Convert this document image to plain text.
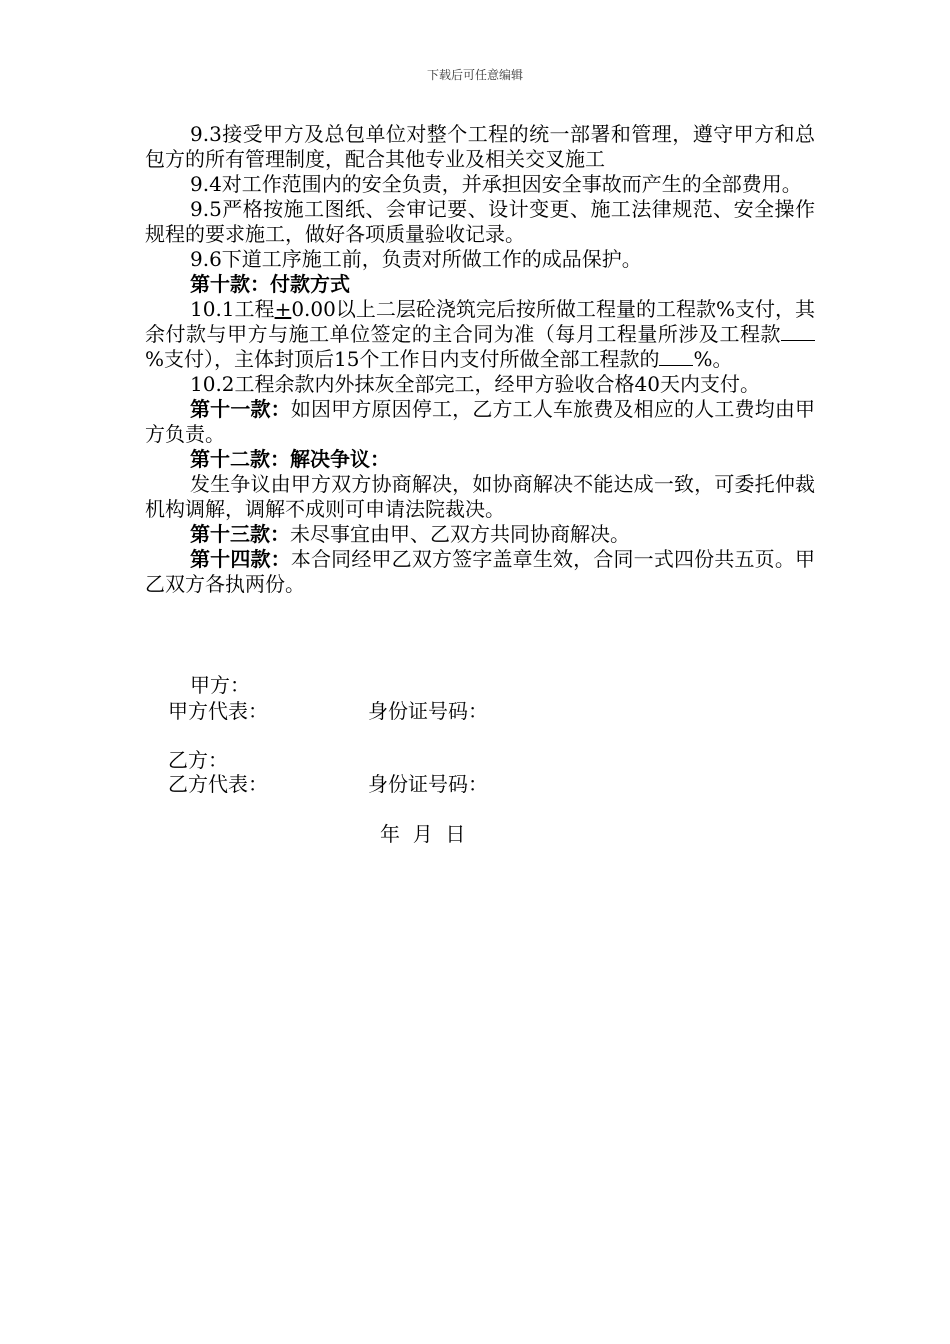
下载后可任意编辑

9.3接受甲方及总包单位对整个工程的统一部署和管理，遵守甲方和总包方的所有管理制度，配合其他专业及相关交叉施工

9.4对工作范围内的安全负责，并承担因安全事故而产生的全部费用。

9.5严格按施工图纸、会审记要、设计变更、施工法律规范、安全操作规程的要求施工，做好各项质量验收记录。

9.6下道工序施工前，负责对所做工作的成品保护。

第十款：付款方式

10.1工程+0.00以上二层砼浇筑完后按所做工程量的工程款%支付，其余付款与甲方与施工单位签定的主合同为准（每月工程量所涉及工程款%支付），主体封顶后15个工作日内支付所做全部工程款的 %。

10.2工程余款内外抹灰全部完工，经甲方验收合格40天内支付。

第十一款：如因甲方原因停工，乙方工人车旅费及相应的人工费均由甲方负责。

第十二款：解决争议：

发生争议由甲方双方协商解决，如协商解决不能达成一致，可委托仲裁机构调解，调解不成则可申请法院裁决。

第十三款：未尽事宜由甲、乙双方共同协商解决。

第十四款：本合同经甲乙双方签字盖章生效，合同一式四份共五页。甲乙双方各执两份。

甲方：
甲方代表：	身份证号码：
乙方：
乙方代表：	身份证号码：
年  月  日
